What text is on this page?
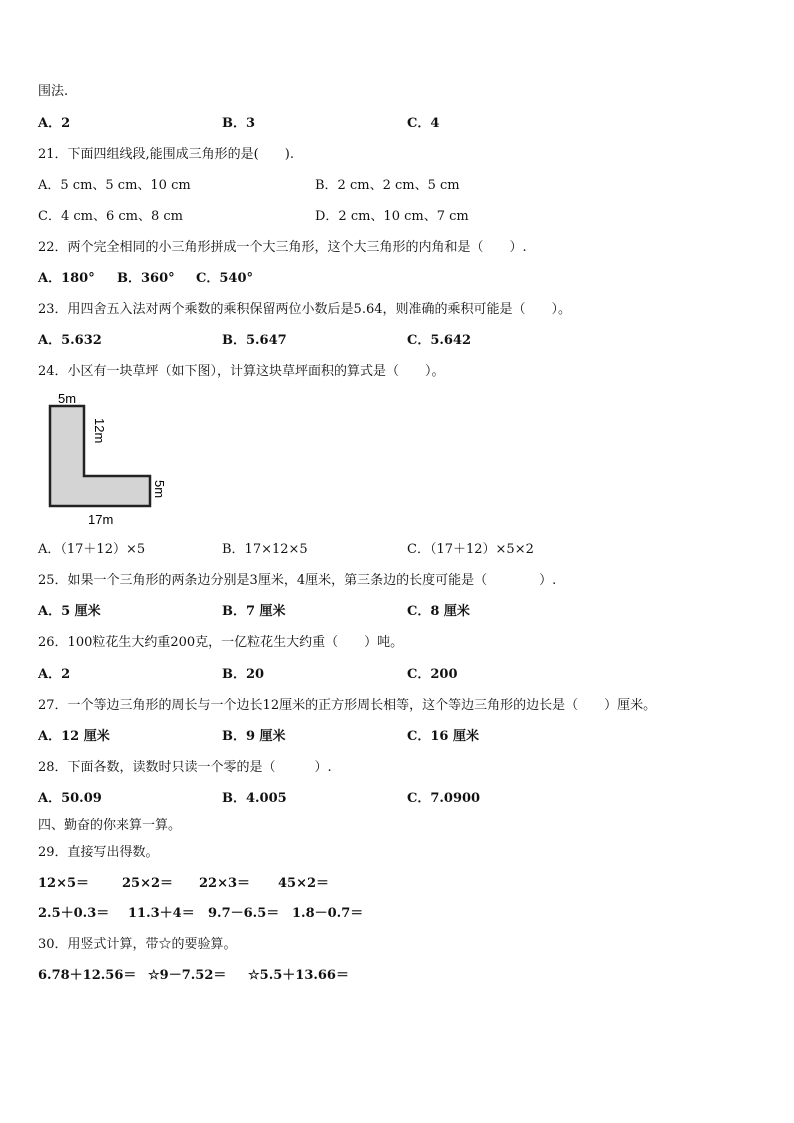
围法.
A．2	B．3	C．4
21．下面四组线段,能围成三角形的是(　　).
A．5 cm、5 cm、10 cm	B．2 cm、2 cm、5 cm
C．4 cm、6 cm、8 cm	D．2 cm、10 cm、7 cm
22．两个完全相同的小三角形拼成一个大三角形，这个大三角形的内角和是（　　）.
A．180° B．360° C．540°
23．用四舍五入法对两个乘数的乘积保留两位小数后是5.64，则准确的乘积可能是（　　）。
A．5.632	B．5.647	C．5.642
24．小区有一块草坪（如下图），计算这块草坪面积的算式是（　　）。
5m
12m
5m
17m
A．（17＋12）×5	B．17×12×5	C．（17＋12）×5×2
25．如果一个三角形的两条边分别是3厘米，4厘米，第三条边的长度可能是（　　　　）.
A．5 厘米	B．7 厘米	C．8 厘米
26．100粒花生大约重200克，一亿粒花生大约重（　　）吨。
A．2	B．20	C．200
27．一个等边三角形的周长与一个边长12厘米的正方形周长相等，这个等边三角形的边长是（　　）厘米。
A．12 厘米	B．9 厘米	C．16 厘米
28．下面各数，读数时只读一个零的是（　　　）.
A．50.09	B．4.005	C．7.0900
四、勤奋的你来算一算。
29．直接写出得数。
12×5＝	25×2＝ 22×3＝ 45×2＝
2.5＋0.3＝ 11.3＋4＝ 9.7－6.5＝ 1.8－0.7＝
30．用竖式计算，带☆的要验算。
6.78＋12.56＝ ☆9－7.52＝ ☆5.5＋13.66＝
